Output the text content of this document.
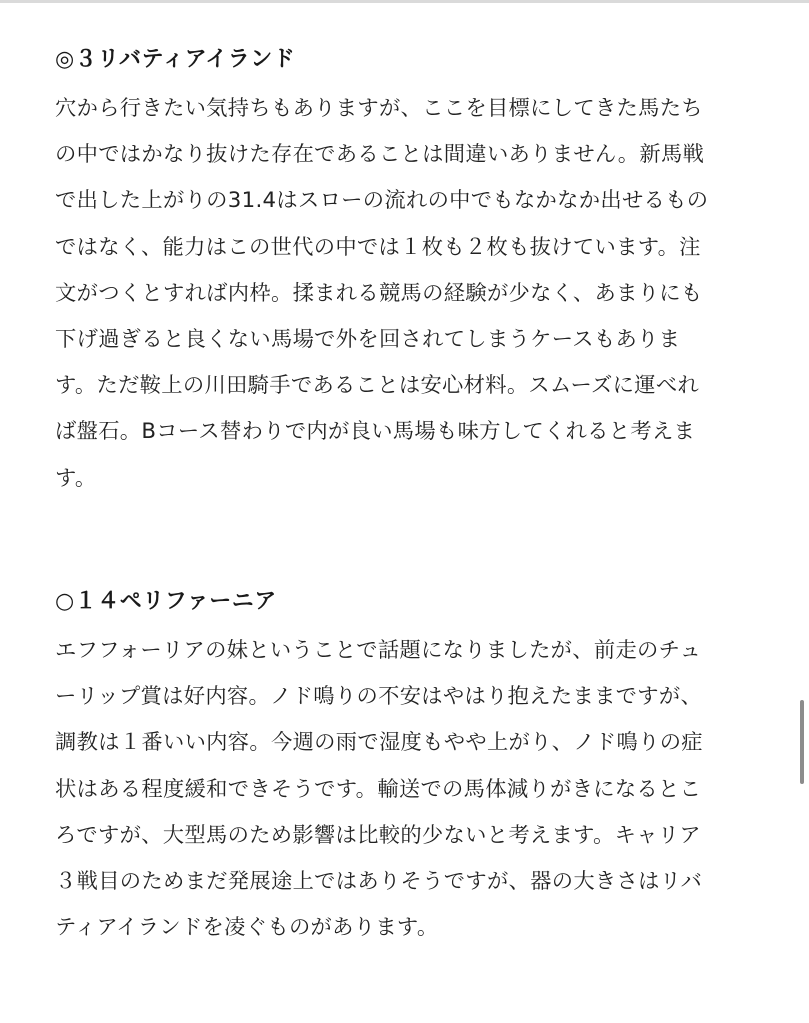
◎３リバティアイランド
穴から行きたい気持ちもありますが、ここを目標にしてきた馬たち
の中ではかなり抜けた存在であることは間違いありません。新馬戦
で出した上がりの31.4はスローの流れの中でもなかなか出せるもの
ではなく、能力はこの世代の中では１枚も２枚も抜けています。注
文がつくとすれば内枠。揉まれる競馬の経験が少なく、あまりにも
下げ過ぎると良くない馬場で外を回されてしまうケースもありま
す。ただ鞍上の川田騎手であることは安心材料。スムーズに運べれ
ば盤石。Bコース替わりで内が良い馬場も味方してくれると考えま
す。
○１４ペリファーニア
エフフォーリアの妹ということで話題になりましたが、前走のチュ
ーリップ賞は好内容。ノド鳴りの不安はやはり抱えたままですが、
調教は１番いい内容。今週の雨で湿度もやや上がり、ノド鳴りの症
状はある程度緩和できそうです。輸送での馬体減りがきになるとこ
ろですが、大型馬のため影響は比較的少ないと考えます。キャリア
３戦目のためまだ発展途上ではありそうですが、器の大きさはリバ
ティアイランドを凌ぐものがあります。
